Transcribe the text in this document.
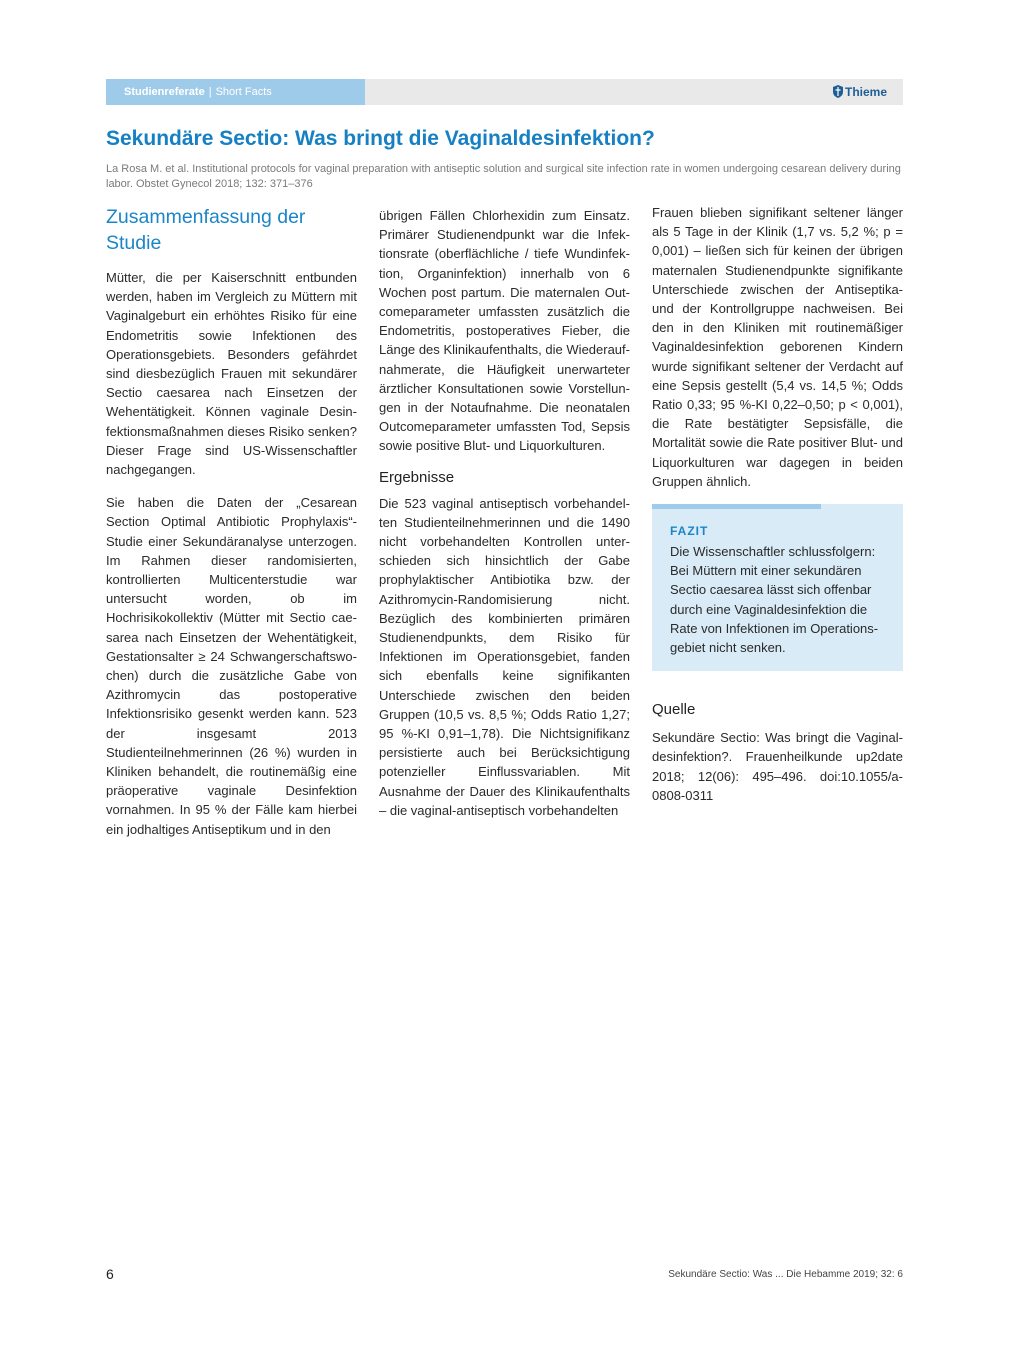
Studienreferate | Short Facts	Thieme
Sekundäre Sectio: Was bringt die Vaginaldesinfektion?

La Rosa M. et al. Institutional protocols for vaginal preparation with antiseptic solution and surgical site infection rate in women undergoing cesarean delivery during labor. Obstet Gynecol 2018; 132: 371–376

Zusammenfassung der
Studie

Mütter, die per Kaiserschnitt entbunden werden, haben im Vergleich zu Müttern mit Vaginalgeburt ein erhöhtes Risiko für eine Endometritis sowie Infektionen des Operationsgebiets. Besonders gefährdet sind diesbezüglich Frauen mit sekundärer Sectio caesarea nach Einsetzen der Wehentätigkeit. Können vaginale Desinfektionsmaßnahmen dieses Risiko senken? Dieser Frage sind US-Wissenschaftler nachgegangen.

Sie haben die Daten der „Cesarean Section Optimal Antibiotic Prophylaxis“-Studie einer Sekundäranalyse unterzogen. Im Rahmen dieser randomisierten, kontrollierten Multicenterstudie war untersucht worden, ob im Hochrisikokollektiv (Mütter mit Sectio caesarea nach Einsetzen der Wehentätigkeit, Gestationsalter ≥ 24 Schwangerschaftswochen) durch die zusätzliche Gabe von Azithromycin das postoperative Infektionsrisiko gesenkt werden kann. 523 der insgesamt 2013 Studienteilnehmerinnen (26 %) wurden in Kliniken behandelt, die routinemäßig eine präoperative vaginale Desinfektion vornahmen. In 95 % der Fälle kam hierbei ein jodhaltiges Antiseptikum und in den

übrigen Fällen Chlorhexidin zum Einsatz. Primärer Studienendpunkt war die Infektionsrate (oberflächliche / tiefe Wundinfektion, Organinfektion) innerhalb von 6 Wochen post partum. Die maternalen Outcomeparameter umfassten zusätzlich die Endometritis, postoperatives Fieber, die Länge des Klinikaufenthalts, die Wiederaufnahmerate, die Häufigkeit unerwarteter ärztlicher Konsultationen sowie Vorstellungen in der Notaufnahme. Die neonatalen Outcomeparameter umfassten Tod, Sepsis sowie positive Blut- und Liquorkulturen.

Ergebnisse

Die 523 vaginal antiseptisch vorbehandelten Studienteilnehmerinnen und die 1490 nicht vorbehandelten Kontrollen unterschieden sich hinsichtlich der Gabe prophylaktischer Antibiotika bzw. der Azithromycin-Randomisierung nicht. Bezüglich des kombinierten primären Studienendpunkts, dem Risiko für Infektionen im Operationsgebiet, fanden sich ebenfalls keine signifikanten Unterschiede zwischen den beiden Gruppen (10,5 vs. 8,5 %; Odds Ratio 1,27; 95 %-KI 0,91–1,78). Die Nichtsignifikanz persistierte auch bei Berücksichtigung potenzieller Einflussvariablen. Mit Ausnahme der Dauer des Klinikaufenthalts – die vaginal-antiseptisch vorbehandelten

Frauen blieben signifikant seltener länger als 5 Tage in der Klinik (1,7 vs. 5,2 %; p = 0,001) – ließen sich für keinen der übrigen maternalen Studienendpunkte signifikante Unterschiede zwischen der Antiseptika- und der Kontrollgruppe nachweisen. Bei den in den Kliniken mit routinemäßiger Vaginaldesinfektion geborenen Kindern wurde signifikant seltener der Verdacht auf eine Sepsis gestellt (5,4 vs. 14,5 %; Odds Ratio 0,33; 95 %-KI 0,22–0,50; p < 0,001), die Rate bestätigter Sepsisfälle, die Mortalität sowie die Rate positiver Blut- und Liquorkulturen war dagegen in beiden Gruppen ähnlich.

FAZIT

Die Wissenschaftler schlussfolgern: Bei Müttern mit einer sekundären Sectio caesarea lässt sich offenbar durch eine Vaginaldesinfektion die Rate von Infektionen im Operationsgebiet nicht senken.

Quelle

Sekundäre Sectio: Was bringt die Vaginaldesinfektion?. Frauenheilkunde up2date 2018; 12(06): 495–496. doi:10.1055/a-0808-0311

6	Sekundäre Sectio: Was ... Die Hebamme 2019; 32: 6
